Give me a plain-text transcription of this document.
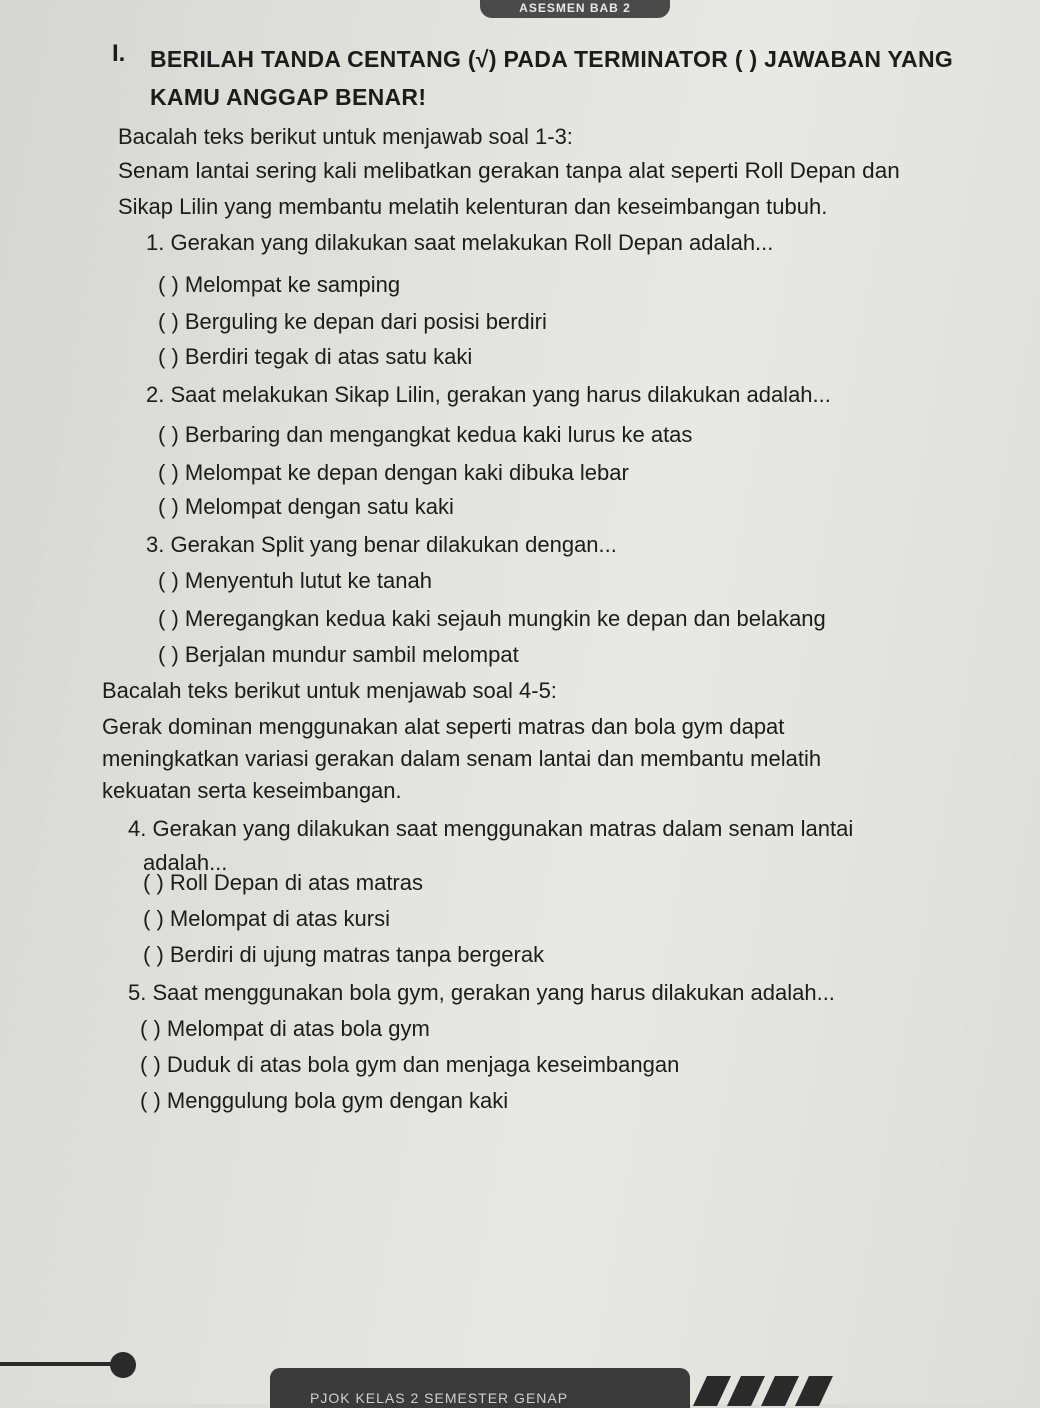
ASESMEN BAB 2
I. BERILAH TANDA CENTANG (√) PADA TERMINATOR ( ) JAWABAN YANG
KAMU ANGGAP BENAR!
Bacalah teks berikut untuk menjawab soal 1-3:
Senam lantai sering kali melibatkan gerakan tanpa alat seperti Roll Depan dan
Sikap Lilin yang membantu melatih kelenturan dan keseimbangan tubuh.
1. Gerakan yang dilakukan saat melakukan Roll Depan adalah...
( ) Melompat ke samping
( ) Berguling ke depan dari posisi berdiri
( ) Berdiri tegak di atas satu kaki
2. Saat melakukan Sikap Lilin, gerakan yang harus dilakukan adalah...
( ) Berbaring dan mengangkat kedua kaki lurus ke atas
( ) Melompat ke depan dengan kaki dibuka lebar
( ) Melompat dengan satu kaki
3. Gerakan Split yang benar dilakukan dengan...
( ) Menyentuh lutut ke tanah
( ) Meregangkan kedua kaki sejauh mungkin ke depan dan belakang
( ) Berjalan mundur sambil melompat
Bacalah teks berikut untuk menjawab soal 4-5:
Gerak dominan menggunakan alat seperti matras dan bola gym dapat
meningkatkan variasi gerakan dalam senam lantai dan membantu melatih
kekuatan serta keseimbangan.
4. Gerakan yang dilakukan saat menggunakan matras dalam senam lantai
adalah...
( ) Roll Depan di atas matras
( ) Melompat di atas kursi
( ) Berdiri di ujung matras tanpa bergerak
5. Saat menggunakan bola gym, gerakan yang harus dilakukan adalah...
( ) Melompat di atas bola gym
( ) Duduk di atas bola gym dan menjaga keseimbangan
( ) Menggulung bola gym dengan kaki
PJOK KELAS 2 SEMESTER GENAP
